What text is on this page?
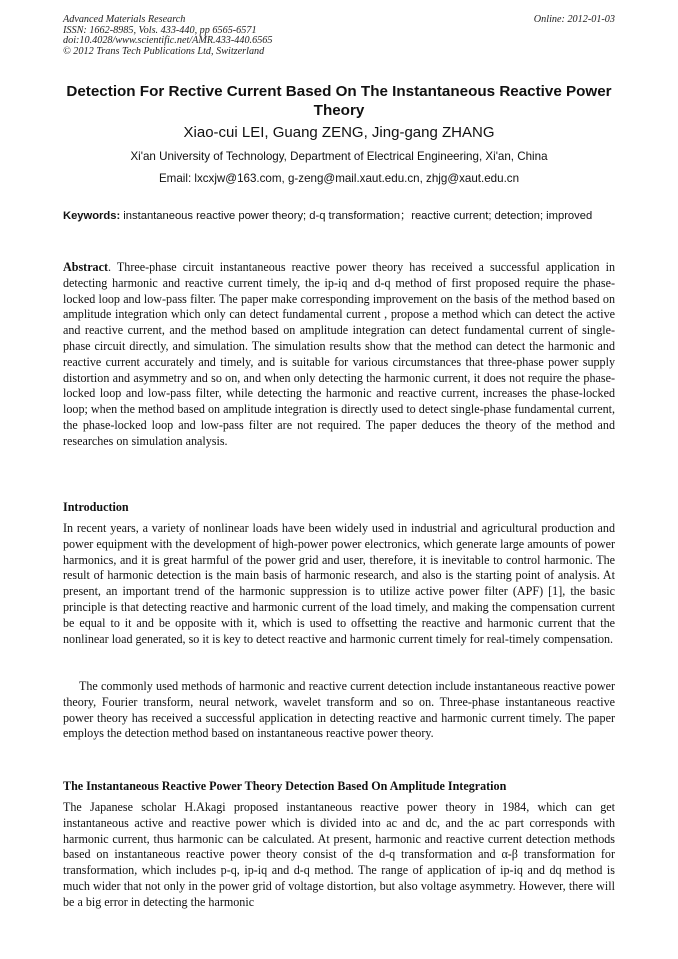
Advanced Materials Research
ISSN: 1662-8985, Vols. 433-440, pp 6565-6571
doi:10.4028/www.scientific.net/AMR.433-440.6565
© 2012 Trans Tech Publications Ltd, Switzerland
Online: 2012-01-03
Detection For Rective Current Based On The Instantaneous Reactive Power Theory
Xiao-cui LEI, Guang ZENG, Jing-gang ZHANG
Xi'an University of Technology, Department of Electrical Engineering, Xi'an, China
Email: lxcxjw@163.com, g-zeng@mail.xaut.edu.cn, zhjg@xaut.edu.cn
Keywords: instantaneous reactive power theory; d-q transformation；reactive current; detection; improved
Abstract. Three-phase circuit instantaneous reactive power theory has received a successful application in detecting harmonic and reactive current timely, the ip-iq and d-q method of first proposed require the phase-locked loop and low-pass filter. The paper make corresponding improvement on the basis of the method based on amplitude integration which only can detect fundamental current , propose a method which can detect the active and reactive current, and the method based on amplitude integration can detect fundamental current of single-phase circuit directly, and simulation. The simulation results show that the method can detect the harmonic and reactive current accurately and timely, and is suitable for various circumstances that three-phase power supply distortion and asymmetry and so on, and when only detecting the harmonic current, it does not require the phase-locked loop and low-pass filter, while detecting the harmonic and reactive current, increases the phase-locked loop; when the method based on amplitude integration is directly used to detect single-phase fundamental current, the phase-locked loop and low-pass filter are not required. The paper deduces the theory of the method and researches on simulation analysis.
Introduction
In recent years, a variety of nonlinear loads have been widely used in industrial and agricultural production and power equipment with the development of high-power power electronics, which generate large amounts of power harmonics, and it is great harmful of the power grid and user, therefore, it is inevitable to control harmonic. The result of harmonic detection is the main basis of harmonic research, and also is the starting point of analysis. At present, an important trend of the harmonic suppression is to utilize active power filter (APF) [1], the basic principle is that detecting reactive and harmonic current of the load timely, and making the compensation current be equal to it and be opposite with it, which is used to offsetting the reactive and harmonic current that the nonlinear load generated, so it is key to detect reactive and harmonic current timely for real-timely compensation.
The commonly used methods of harmonic and reactive current detection include instantaneous reactive power theory, Fourier transform, neural network, wavelet transform and so on. Three-phase instantaneous reactive power theory has received a successful application in detecting reactive and harmonic current timely. The paper employs the detection method based on instantaneous reactive power theory.
The Instantaneous Reactive Power Theory Detection Based On Amplitude Integration
The Japanese scholar H.Akagi proposed instantaneous reactive power theory in 1984, which can get instantaneous active and reactive power which is divided into ac and dc, and the ac part corresponds with harmonic current, thus harmonic can be calculated. At present, harmonic and reactive current detection methods based on instantaneous reactive power theory consist of the d-q transformation and α-β transformation for transformation, which includes p-q, ip-iq and d-q method. The range of application of ip-iq and dq method is much wider that not only in the power grid of voltage distortion, but also voltage asymmetry. However, there will be a big error in detecting the harmonic
